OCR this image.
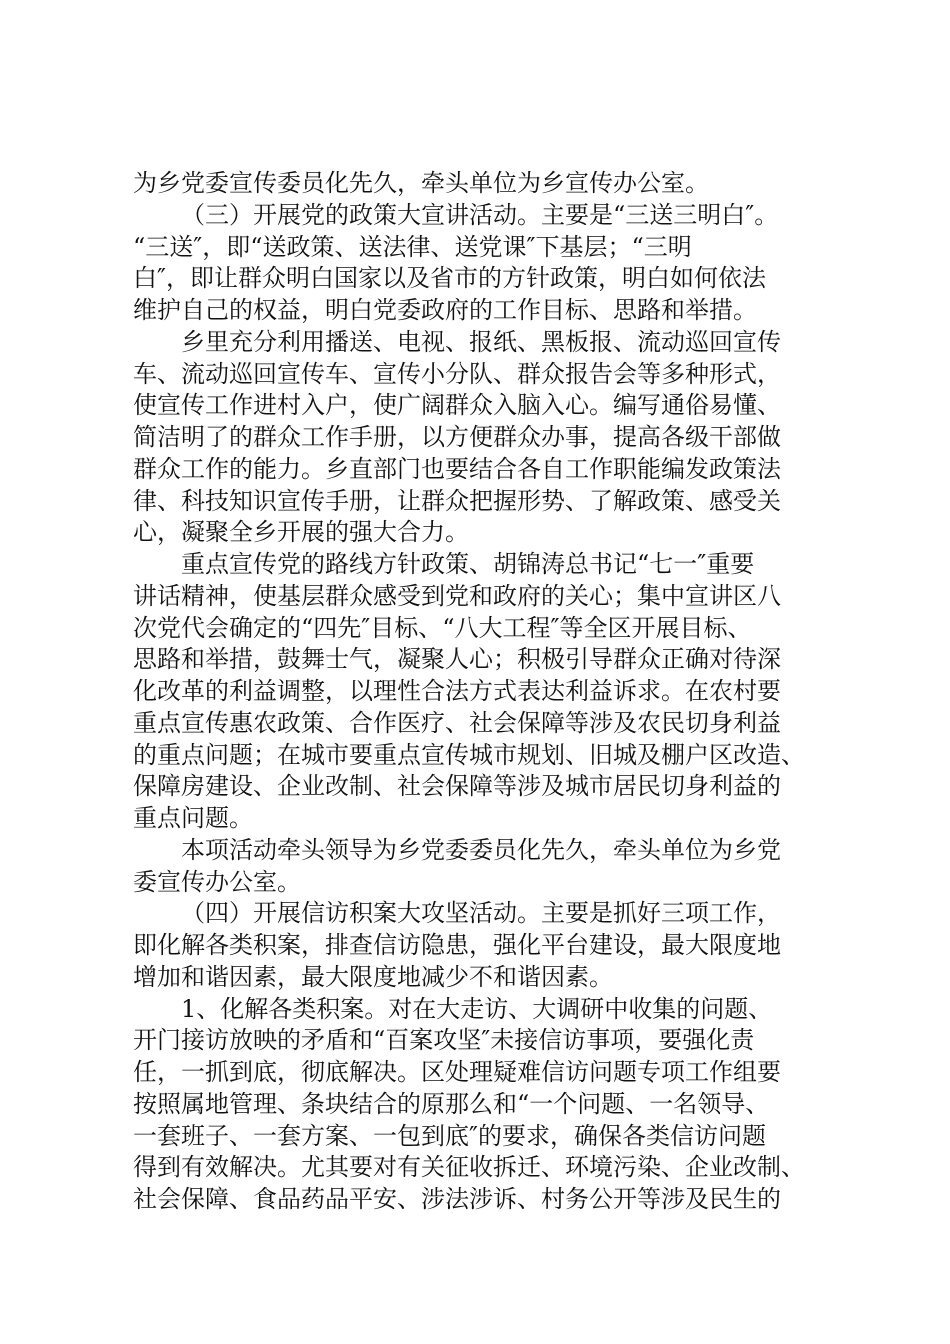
为乡党委宣传委员化先久，牵头单位为乡宣传办公室。
（三）开展党的政策大宣讲活动。主要是“三送三明白″。
“三送″，即“送政策、送法律、送党课″下基层；“三明
白″，即让群众明白国家以及省市的方针政策，明白如何依法
维护自己的权益，明白党委政府的工作目标、思路和举措。
乡里充分利用播送、电视、报纸、黑板报、流动巡回宣传
车、流动巡回宣传车、宣传小分队、群众报告会等多种形式，
使宣传工作进村入户，使广阔群众入脑入心。编写通俗易懂、
简洁明了的群众工作手册，以方便群众办事，提高各级干部做
群众工作的能力。乡直部门也要结合各自工作职能编发政策法
律、科技知识宣传手册，让群众把握形势、了解政策、感受关
心，凝聚全乡开展的强大合力。
重点宣传党的路线方针政策、胡锦涛总书记“七一″重要
讲话精神，使基层群众感受到党和政府的关心；集中宣讲区八
次党代会确定的“四先″目标、“八大工程″等全区开展目标、
思路和举措，鼓舞士气，凝聚人心；积极引导群众正确对待深
化改革的利益调整，以理性合法方式表达利益诉求。在农村要
重点宣传惠农政策、合作医疗、社会保障等涉及农民切身利益
的重点问题；在城市要重点宣传城市规划、旧城及棚户区改造、
保障房建设、企业改制、社会保障等涉及城市居民切身利益的
重点问题。
本项活动牵头领导为乡党委委员化先久，牵头单位为乡党
委宣传办公室。
（四）开展信访积案大攻坚活动。主要是抓好三项工作，
即化解各类积案，排查信访隐患，强化平台建设，最大限度地
增加和谐因素，最大限度地减少不和谐因素。
1、化解各类积案。对在大走访、大调研中收集的问题、
开门接访放映的矛盾和“百案攻坚″未接信访事项，要强化责
任，一抓到底，彻底解决。区处理疑难信访问题专项工作组要
按照属地管理、条块结合的原那么和“一个问题、一名领导、
一套班子、一套方案、一包到底″的要求，确保各类信访问题
得到有效解决。尤其要对有关征收拆迁、环境污染、企业改制、
社会保障、食品药品平安、涉法涉诉、村务公开等涉及民生的
